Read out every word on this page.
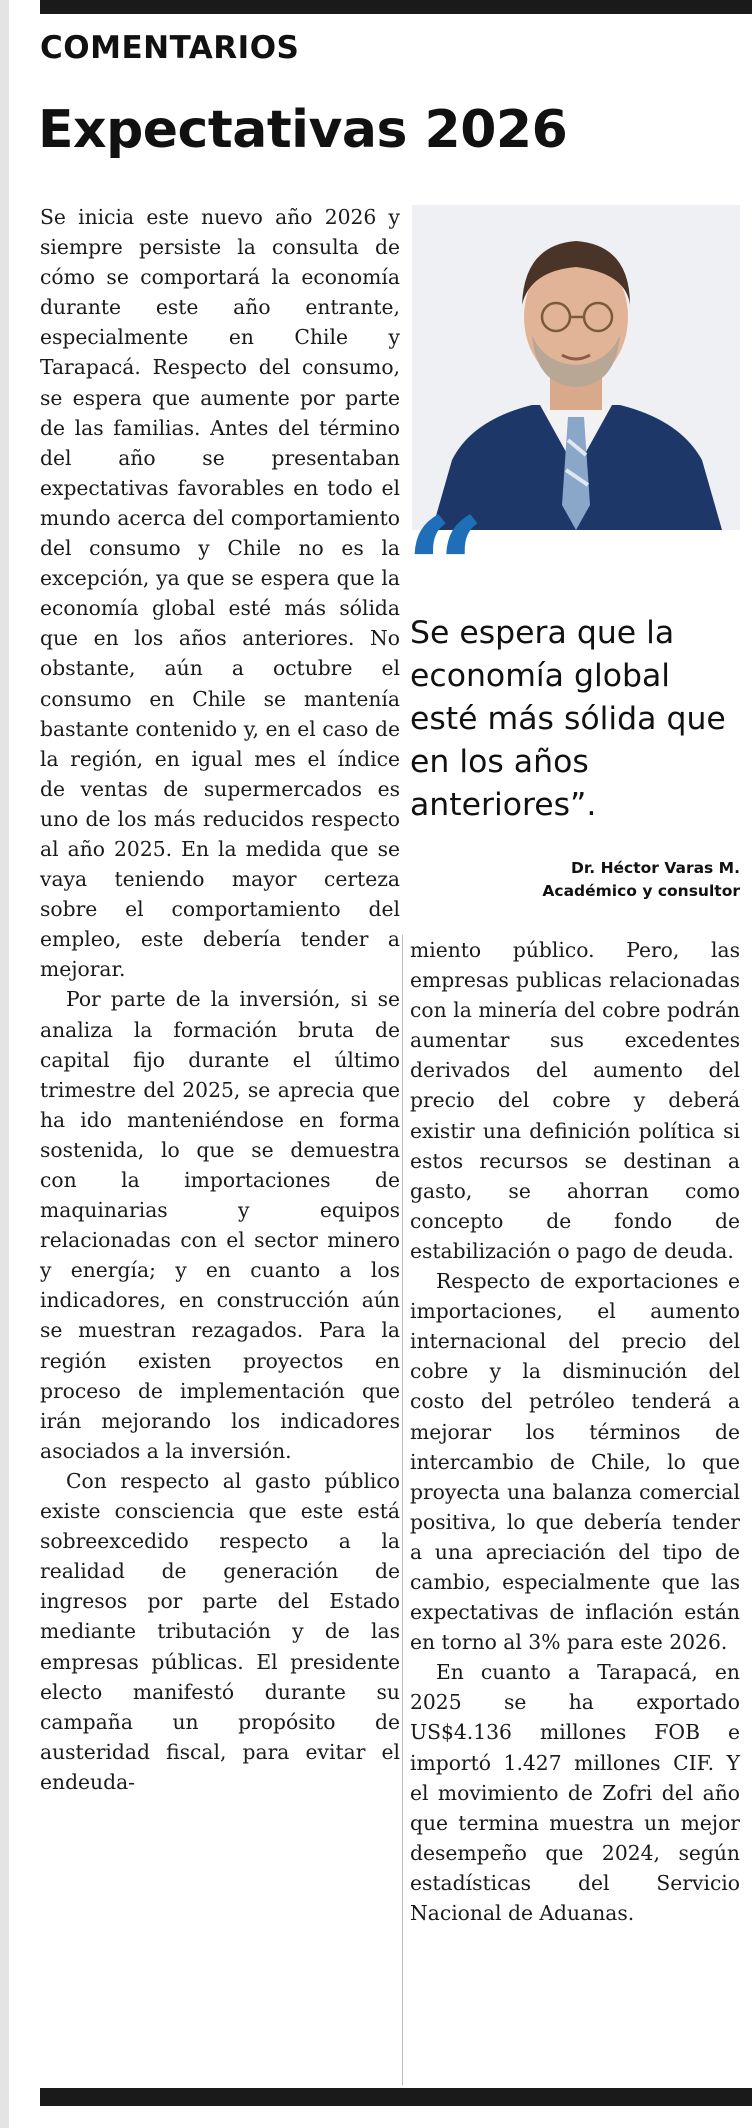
COMENTARIOS
Expectativas 2026

Se inicia este nuevo año 2026 y siempre persiste la consulta de cómo se comportará la economía durante este año entrante, especialmente en Chile y Tarapacá. Respecto del consumo, se espera que aumente por parte de las familias. Antes del término del año se presentaban expectativas favorables en todo el mundo acerca del comportamiento del consumo y Chile no es la excepción, ya que se espera que la economía global esté más sólida que en los años anteriores. No obstante, aún a octubre el consumo en Chile se mantenía bastante contenido y, en el caso de la región, en igual mes el índice de ventas de supermercados es uno de los más reducidos respecto al año 2025. En la medida que se vaya teniendo mayor certeza sobre el comportamiento del empleo, este debería tender a mejorar.

Por parte de la inversión, si se analiza la formación bruta de capital fijo durante el último trimestre del 2025, se aprecia que ha ido manteniéndose en forma sostenida, lo que se demuestra con la importaciones de maquinarias y equipos relacionadas con el sector minero y energía; y en cuanto a los indicadores, en construcción aún se muestran rezagados. Para la región existen proyectos en proceso de implementación que irán mejorando los indicadores asociados a la inversión.

Con respecto al gasto público existe consciencia que este está sobreexcedido respecto a la realidad de generación de ingresos por parte del Estado mediante tributación y de las empresas públicas. El presidente electo manifestó durante su campaña un propósito de austeridad fiscal, para evitar el endeuda-

“
Se espera que la economía global esté más sólida que en los años anteriores”.
Dr. Héctor Varas M.
Académico y consultor

miento público. Pero, las empresas publicas relacionadas con la minería del cobre podrán aumentar sus excedentes derivados del aumento del precio del cobre y deberá existir una definición política si estos recursos se destinan a gasto, se ahorran como concepto de fondo de estabilización o pago de deuda.

Respecto de exportaciones e importaciones, el aumento internacional del precio del cobre y la disminución del costo del petróleo tenderá a mejorar los términos de intercambio de Chile, lo que proyecta una balanza comercial positiva, lo que debería tender a una apreciación del tipo de cambio, especialmente que las expectativas de inflación están en torno al 3% para este 2026.

En cuanto a Tarapacá, en 2025 se ha exportado US$4.136 millones FOB e importó 1.427 millones CIF. Y el movimiento de Zofri del año que termina muestra un mejor desempeño que 2024, según estadísticas del Servicio Nacional de Aduanas.
